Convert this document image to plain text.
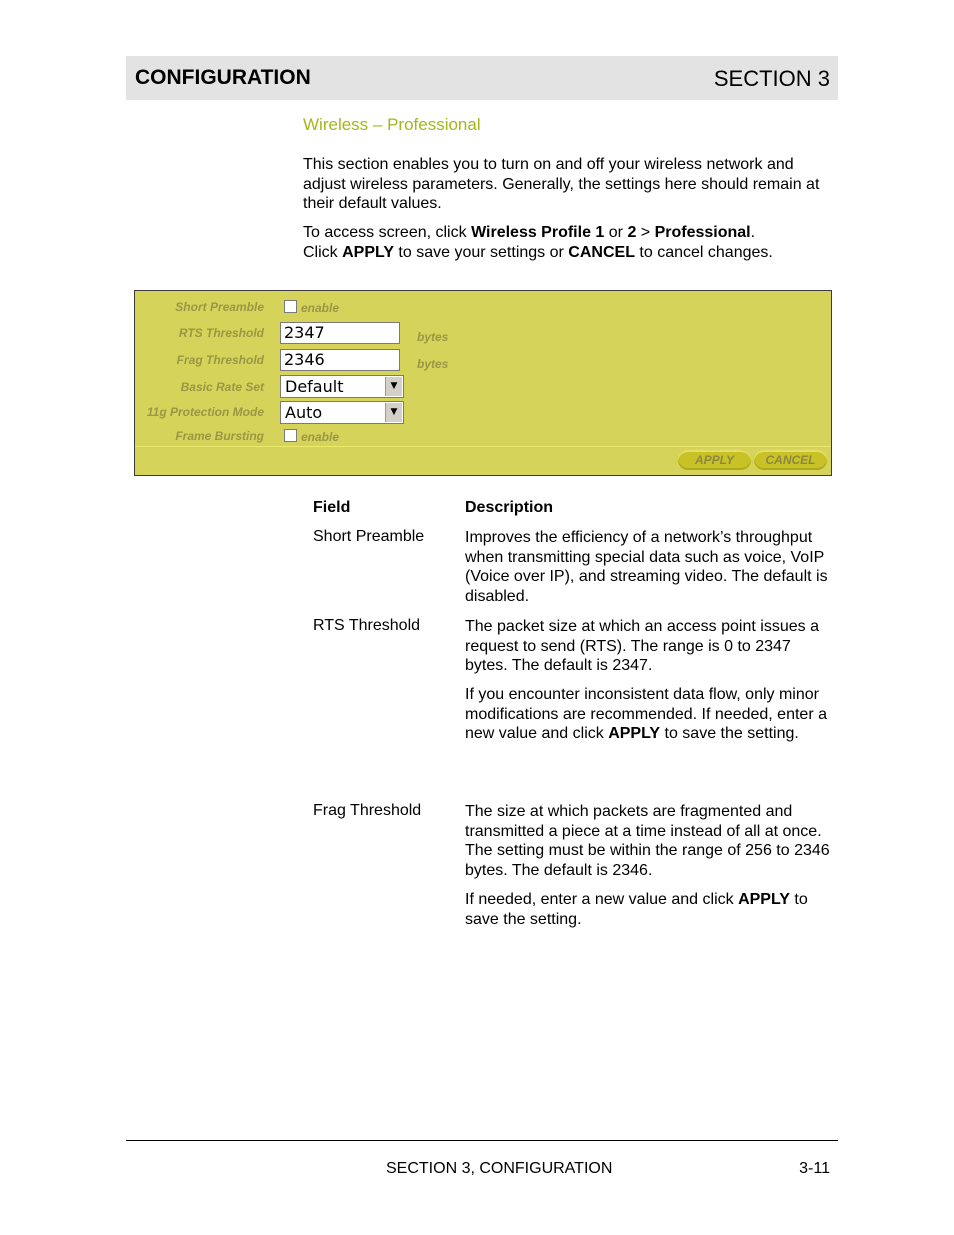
CONFIGURATION	SECTION 3
Wireless – Professional
This section enables you to turn on and off your wireless network and adjust wireless parameters. Generally, the settings here should remain at their default values.
To access screen, click Wireless Profile 1 or 2 > Professional.
Click APPLY to save your settings or CANCEL to cancel changes.
Short Preamble	enable
RTS Threshold 2347	bytes
Frag Threshold 2346	bytes
Basic Rate Set	Default	▼
11g Protection Mode	Auto	▼
Frame Bursting	enable
APPLY	CANCEL
Field	Description
Short Preamble	Improves the efficiency of a network’s throughput when transmitting special data such as voice, VoIP (Voice over IP), and streaming video. The default is disabled.
RTS Threshold	The packet size at which an access point issues a request to send (RTS). The range is 0 to 2347 bytes. The default is 2347.
If you encounter inconsistent data flow, only minor modifications are recommended. If needed, enter a new value and click APPLY to save the setting.
Frag Threshold	The size at which packets are fragmented and transmitted a piece at a time instead of all at once. The setting must be within the range of 256 to 2346 bytes. The default is 2346.
If needed, enter a new value and click APPLY to save the setting.
SECTION 3, CONFIGURATION	3-11
